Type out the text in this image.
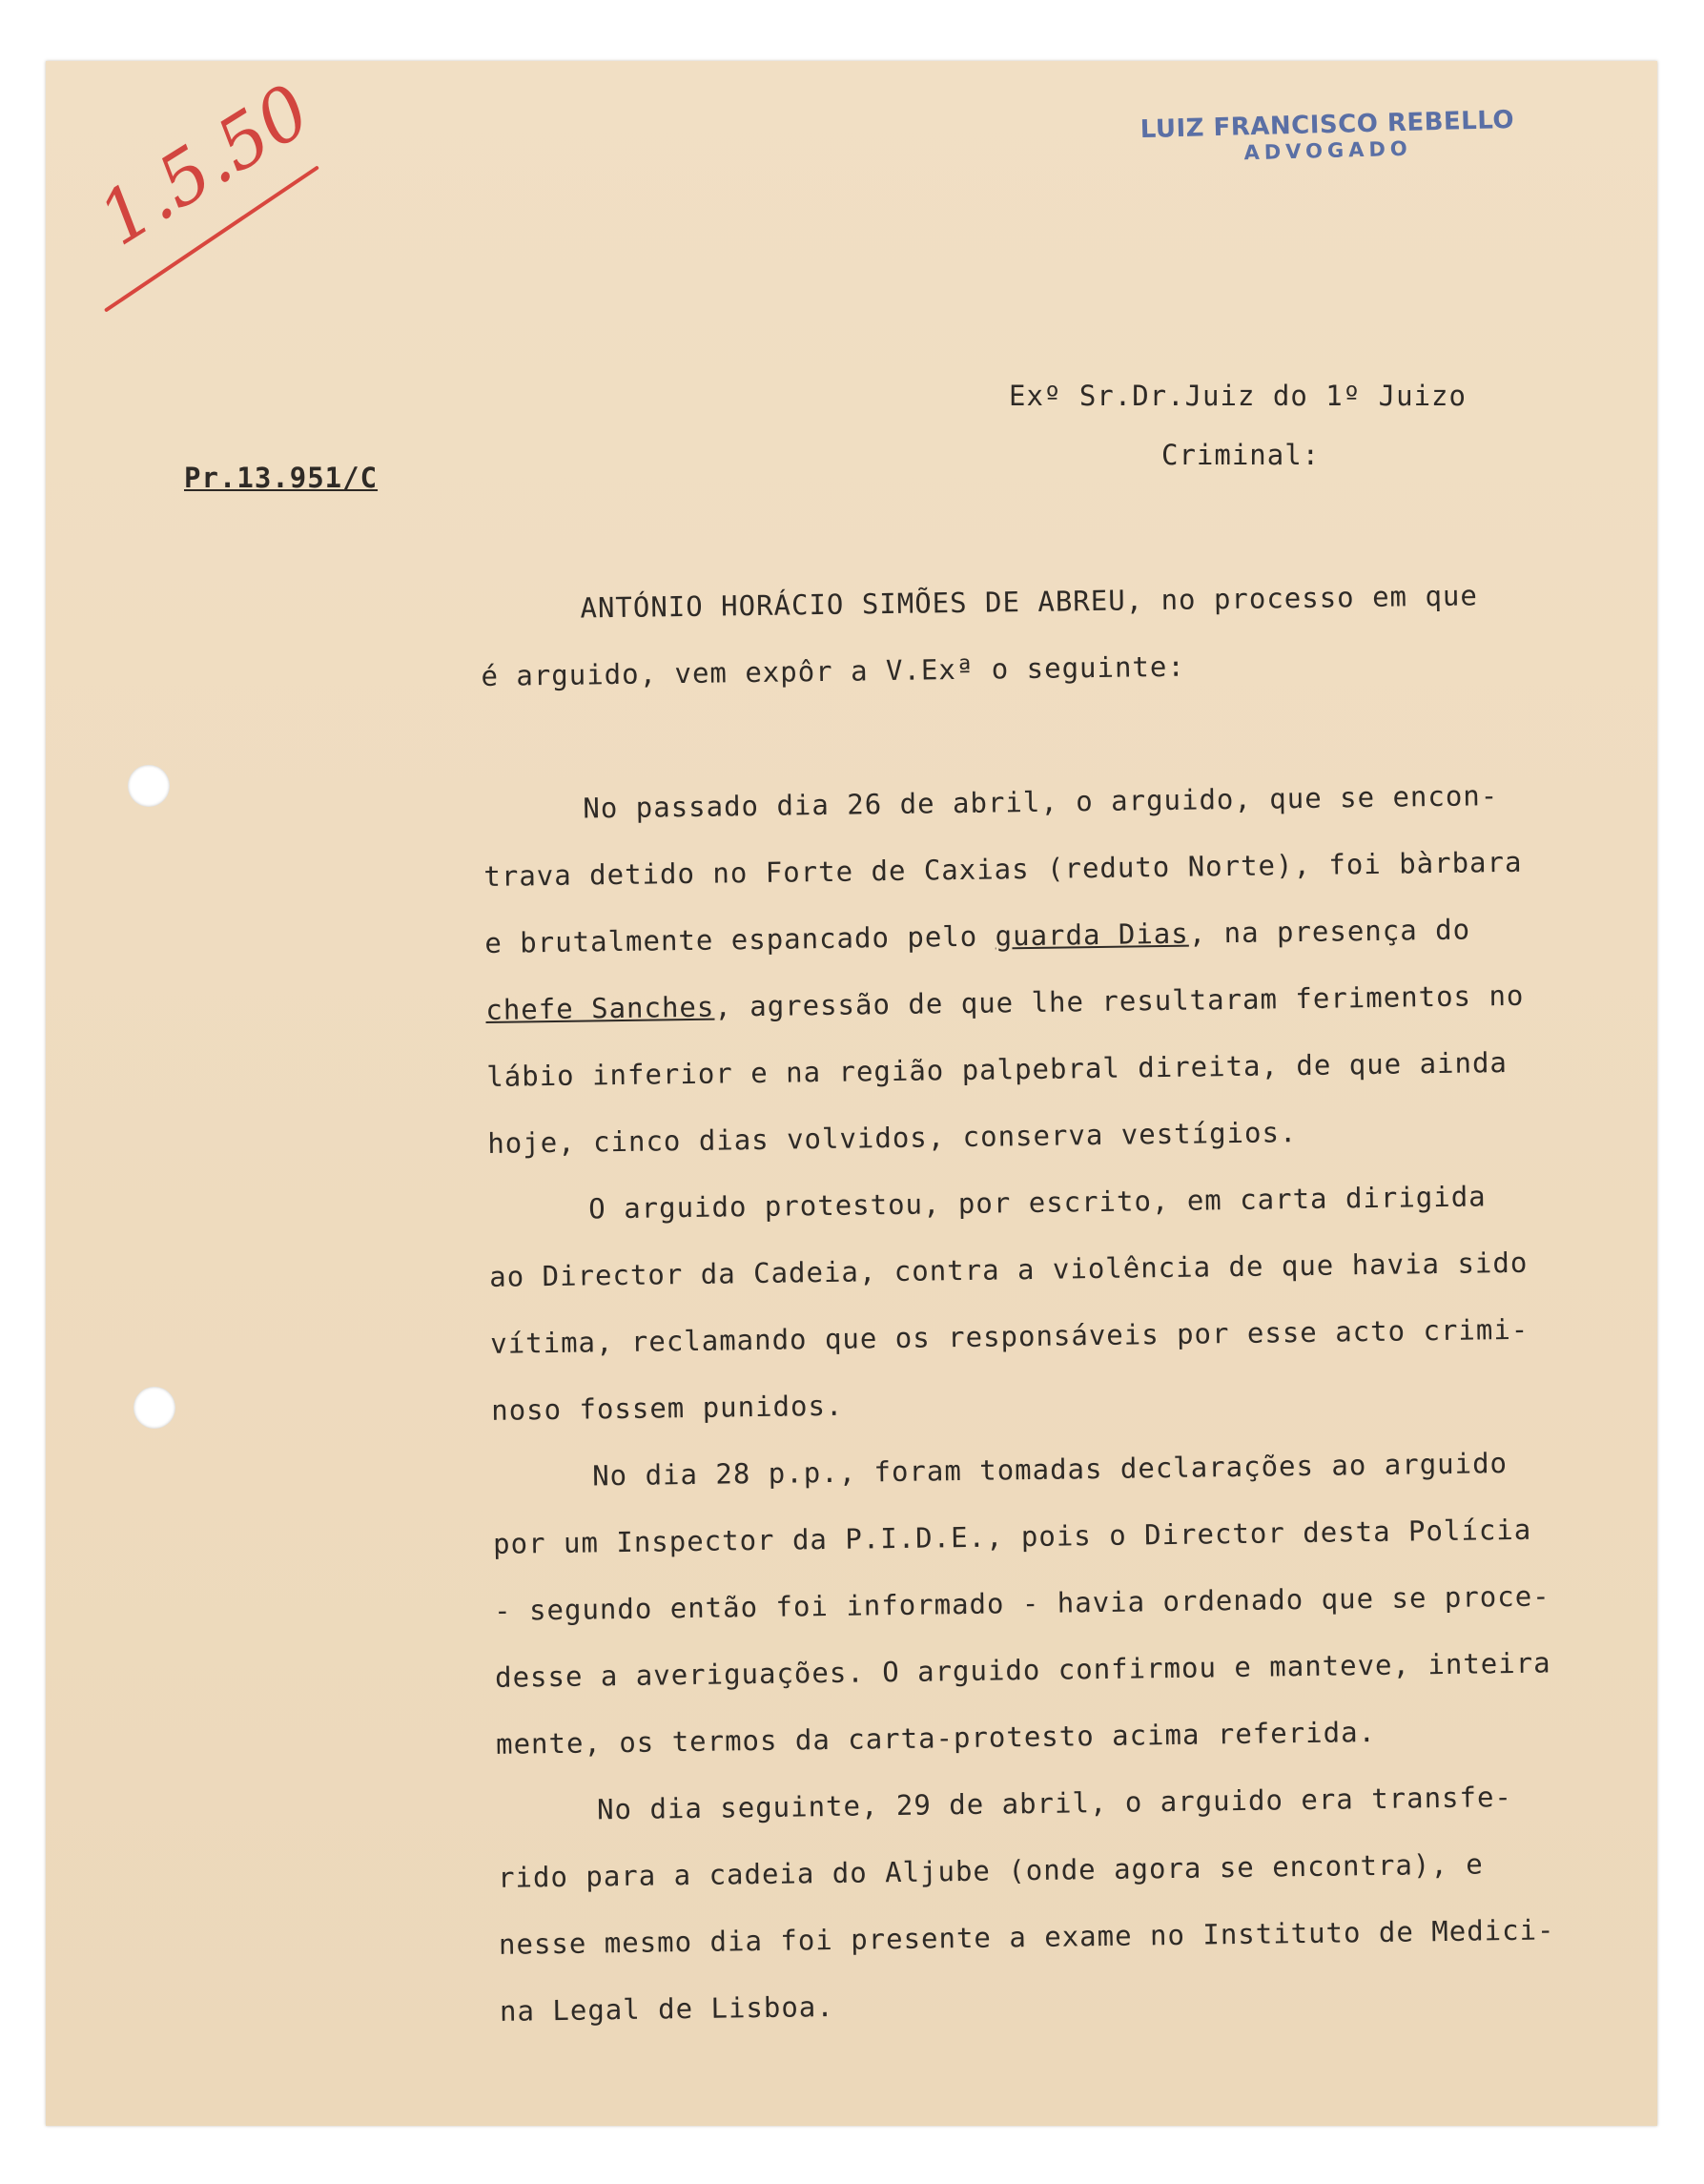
LUIZ FRANCISCO REBELLO
ADVOGADO
1.5.50
Exº Sr.Dr.Juiz do 1º Juizo
Criminal:
Pr.13.951/C

ANTÓNIO HORÁCIO SIMÕES DE ABREU, no processo em que

é arguido, vem expôr a V.Exª o seguinte:

No passado dia 26 de abril, o arguido, que se encon-

trava detido no Forte de Caxias (reduto Norte), foi bàrbara

e brutalmente espancado pelo guarda Dias, na presença do

chefe Sanches, agressão de que lhe resultaram ferimentos no

lábio inferior e na região palpebral direita, de que ainda

hoje, cinco dias volvidos, conserva vestígios.

O arguido protestou, por escrito, em carta dirigida

ao Director da Cadeia, contra a violência de que havia sido

vítima, reclamando que os responsáveis por esse acto crimi-

noso fossem punidos.

No dia 28 p.p., foram tomadas declarações ao arguido

por um Inspector da P.I.D.E., pois o Director desta Polícia

- segundo então foi informado - havia ordenado que se proce-

desse a averiguações. O arguido confirmou e manteve, inteira

mente, os termos da carta-protesto acima referida.

No dia seguinte, 29 de abril, o arguido era transfe-

rido para a cadeia do Aljube (onde agora se encontra), e

nesse mesmo dia foi presente a exame no Instituto de Medici-

na Legal de Lisboa.
